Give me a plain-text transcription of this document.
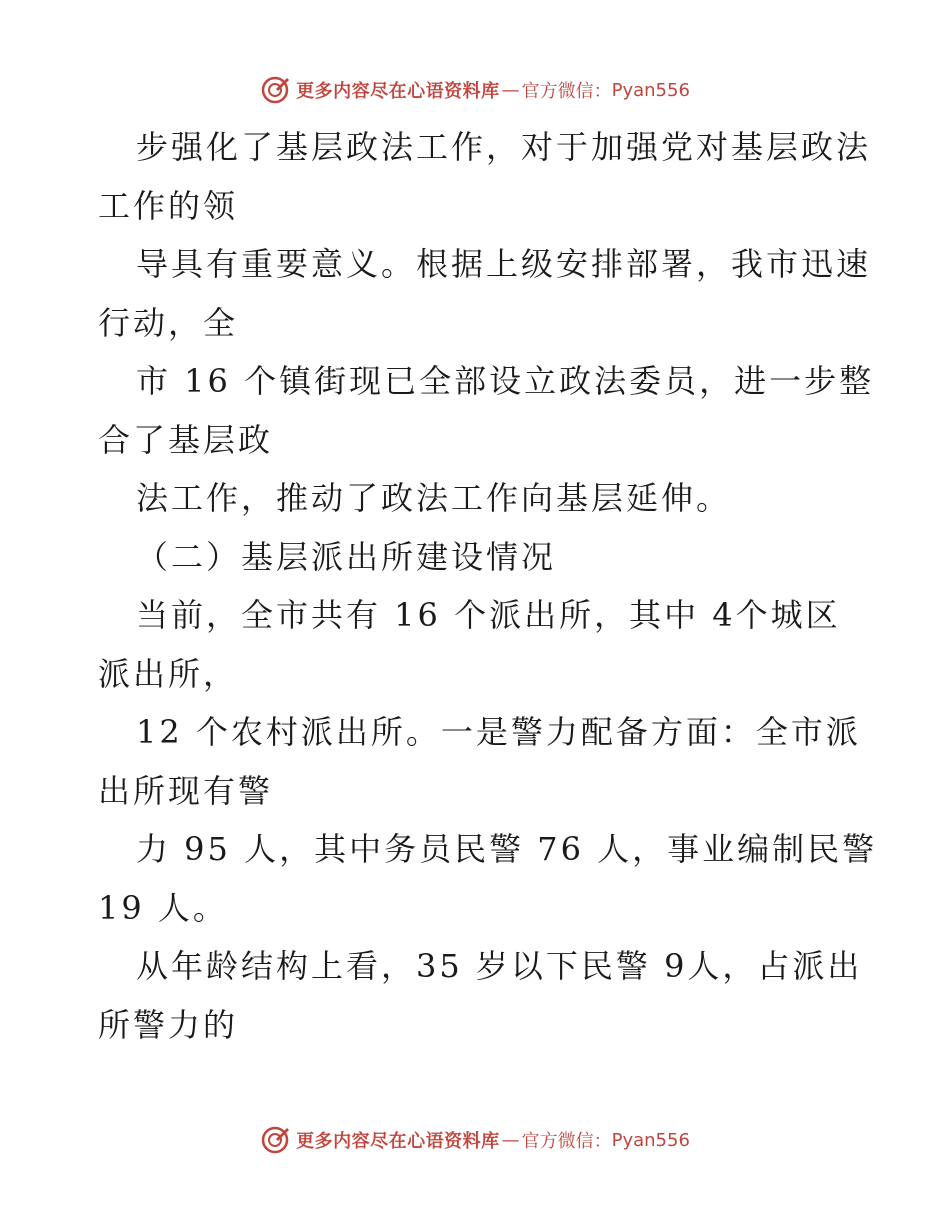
更多内容尽在心语资料库 — 官方微信： Pyan556

步强化了基层政法工作，对于加强党对基层政法

工作的领

导具有重要意义。根据上级安排部署，我市迅速

行动，全

市 16 个镇街现已全部设立政法委员，进一步整

合了基层政

法工作，推动了政法工作向基层延伸。

（二）基层派出所建设情况

当前，全市共有 16 个派出所，其中 4个城区

派出所，

12 个农村派出所。一是警力配备方面：全市派

出所现有警

力 95 人，其中务员民警 76 人，事业编制民警

19 人。

从年龄结构上看，35 岁以下民警 9人，占派出

所警力的

更多内容尽在心语资料库 — 官方微信： Pyan556
